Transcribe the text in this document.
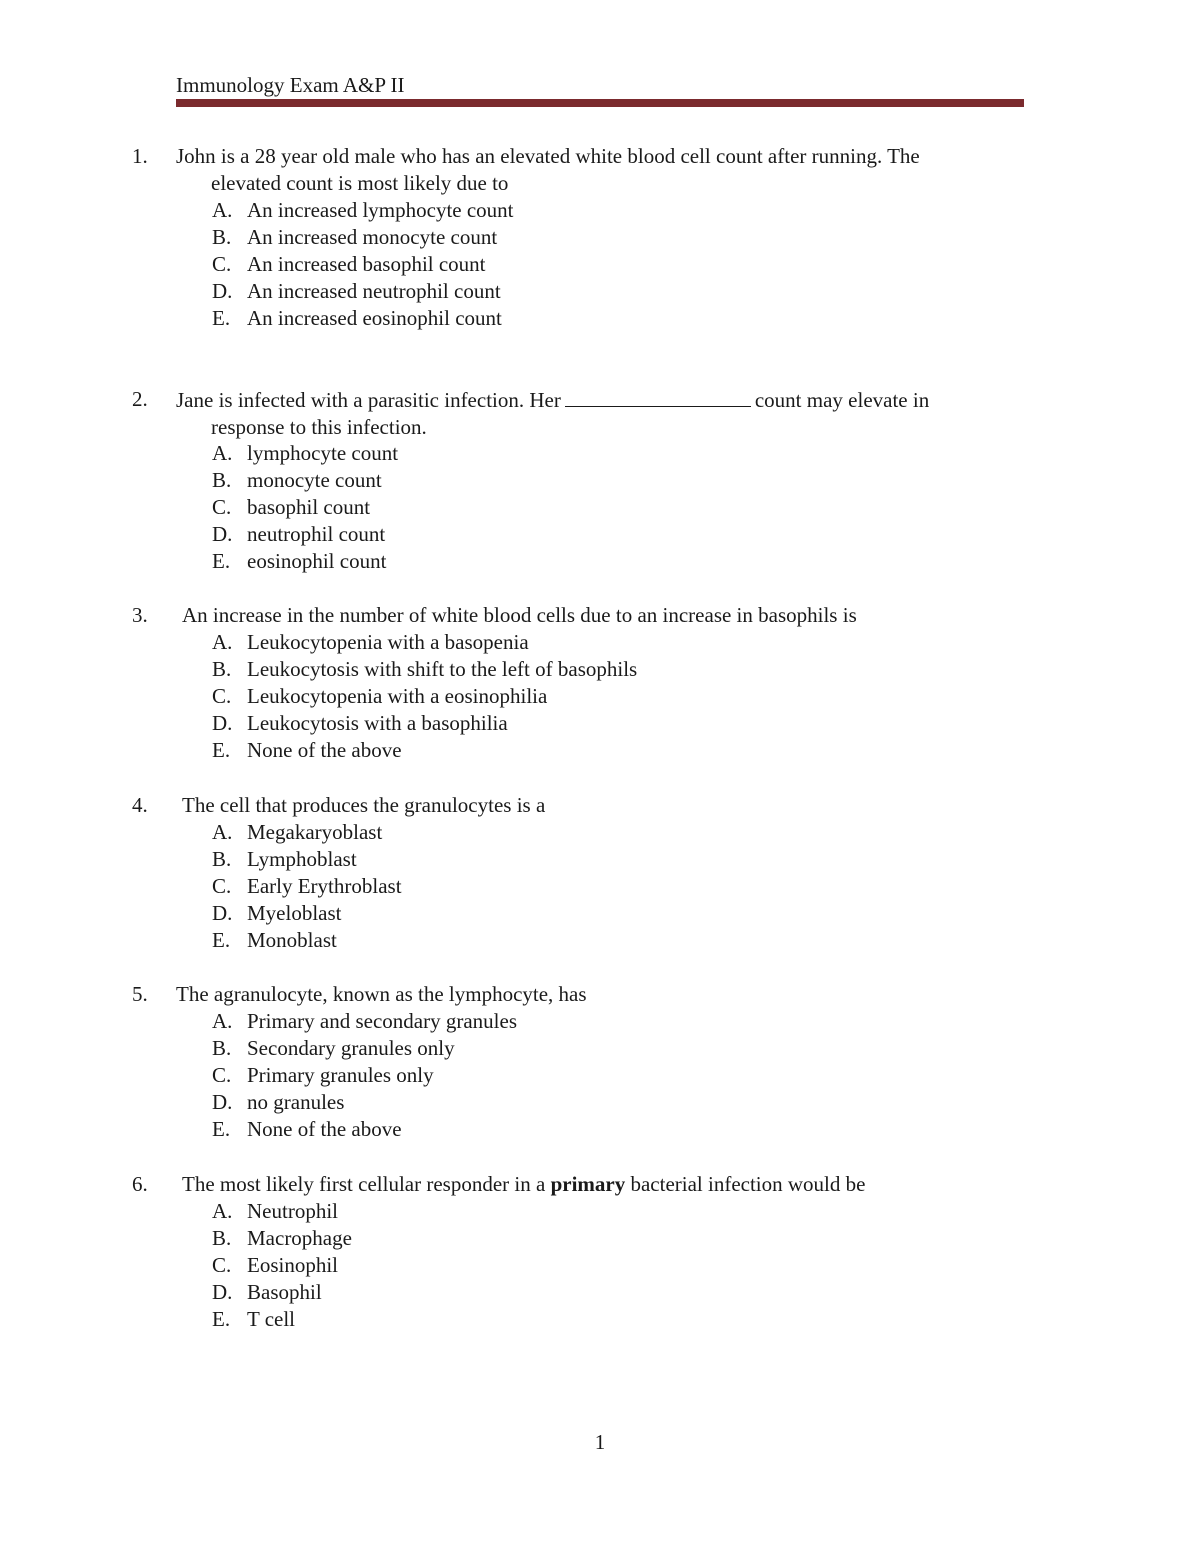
Immunology Exam A&P II
1. John is a 28 year old male who has an elevated white blood cell count after running. The
elevated count is most likely due to
A. An increased lymphocyte count
B. An increased monocyte count
C. An increased basophil count
D. An increased neutrophil count
E. An increased eosinophil count
2. Jane is infected with a parasitic infection. Her	count may elevate in
response to this infection.
A. lymphocyte count
B. monocyte count
C. basophil count
D. neutrophil count
E. eosinophil count
3. An increase in the number of white blood cells due to an increase in basophils is
A. Leukocytopenia with a basopenia
B. Leukocytosis with shift to the left of basophils
C. Leukocytopenia with a eosinophilia
D. Leukocytosis with a basophilia
E. None of the above
4. The cell that produces the granulocytes is a
A. Megakaryoblast
B. Lymphoblast
C. Early Erythroblast
D. Myeloblast
E. Monoblast
5. The agranulocyte, known as the lymphocyte, has
A. Primary and secondary granules
B. Secondary granules only
C. Primary granules only
D. no granules
E. None of the above
6. The most likely first cellular responder in a primary bacterial infection would be
A. Neutrophil
B. Macrophage
C. Eosinophil
D. Basophil
E. T cell
1
